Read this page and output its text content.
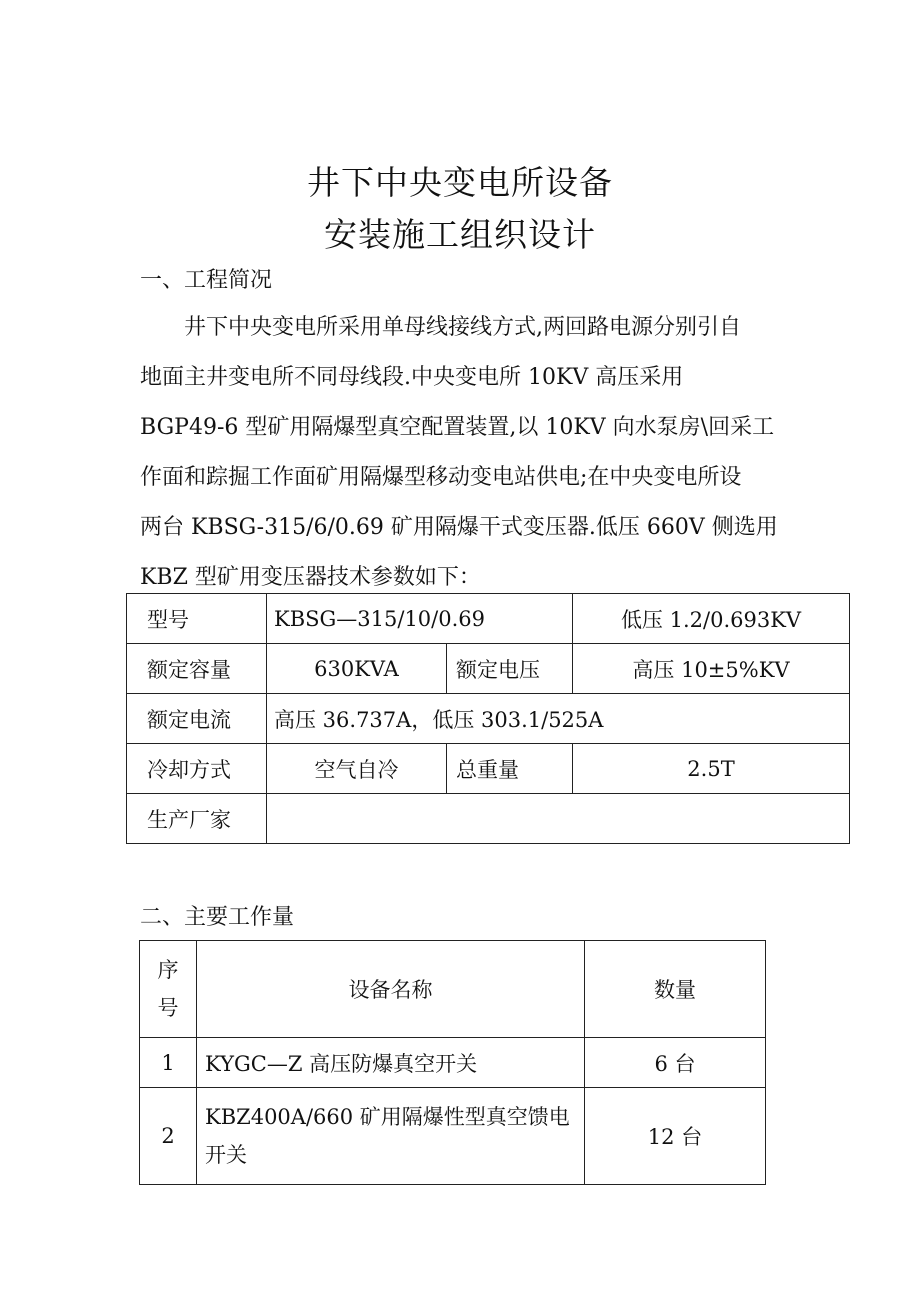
井下中央变电所设备
安装施工组织设计
一、工程简况
井下中央变电所采用单母线接线方式,两回路电源分别引自
地面主井变电所不同母线段.中央变电所 10KV 高压采用
BGP49-6 型矿用隔爆型真空配置装置,以 10KV 向水泵房\回采工
作面和踪掘工作面矿用隔爆型移动变电站供电;在中央变电所设
两台 KBSG-315/6/0.69 矿用隔爆干式变压器.低压 660V 侧选用
KBZ 型矿用变压器技术参数如下：
型号	KBSG—315/10/0.69		低压 1.2/0.693KV
额定容量	630KVA	额定电压	高压 10±5%KV
额定电流	高压 36.737A，低压 303.1/525A		
冷却方式	空气自冷	总重量	2.5T
生产厂家			
二、主要工作量
序号	设备名称	数量
1	KYGC—Z 高压防爆真空开关	6 台
2	KBZ400A/660 矿用隔爆性型真空馈电开关	12 台
